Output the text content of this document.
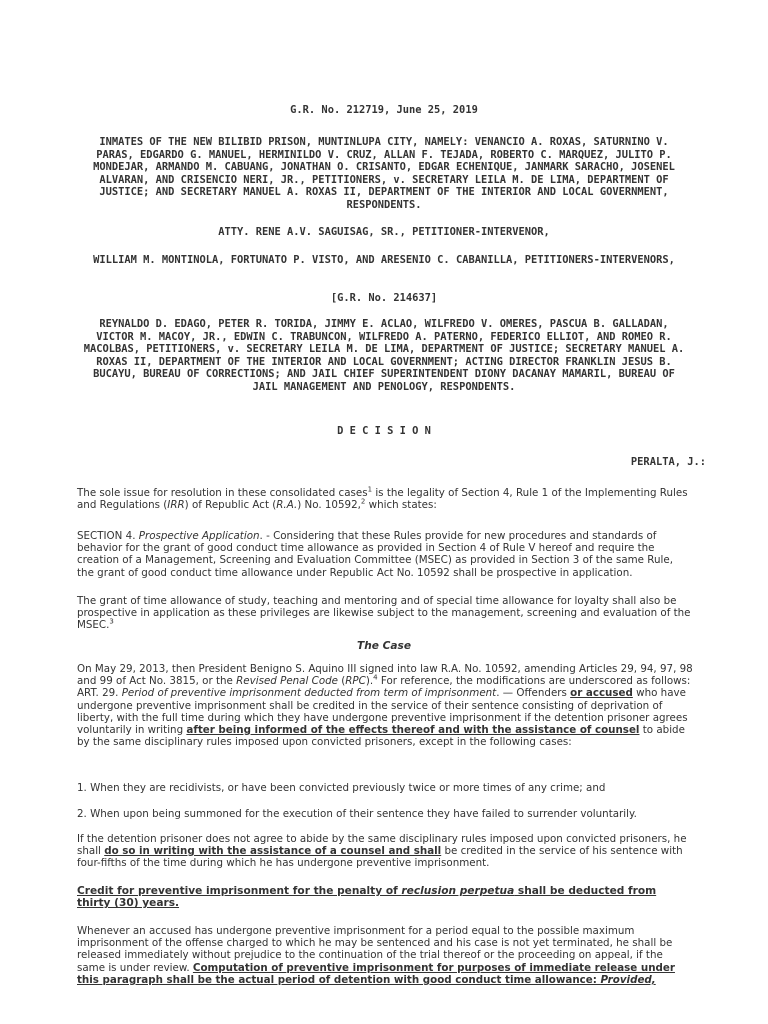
G.R. No. 212719, June 25, 2019
INMATES OF THE NEW BILIBID PRISON, MUNTINLUPA CITY, NAMELY: VENANCIO A. ROXAS, SATURNINO V. PARAS, EDGARDO G. MANUEL, HERMINILDO V. CRUZ, ALLAN F. TEJADA, ROBERTO C. MARQUEZ, JULITO P. MONDEJAR, ARMANDO M. CABUANG, JONATHAN O. CRISANTO, EDGAR ECHENIQUE, JANMARK SARACHO, JOSENEL ALVARAN, AND CRISENCIO NERI, JR., PETITIONERS, v. SECRETARY LEILA M. DE LIMA, DEPARTMENT OF JUSTICE; AND SECRETARY MANUEL A. ROXAS II, DEPARTMENT OF THE INTERIOR AND LOCAL GOVERNMENT, RESPONDENTS.
ATTY. RENE A.V. SAGUISAG, SR., PETITIONER-INTERVENOR,
WILLIAM M. MONTINOLA, FORTUNATO P. VISTO, AND ARESENIO C. CABANILLA, PETITIONERS-INTERVENORS,
[G.R. No. 214637]
REYNALDO D. EDAGO, PETER R. TORIDA, JIMMY E. ACLAO, WILFREDO V. OMERES, PASCUA B. GALLADAN, VICTOR M. MACOY, JR., EDWIN C. TRABUNCON, WILFREDO A. PATERNO, FEDERICO ELLIOT, AND ROMEO R. MACOLBAS, PETITIONERS, v. SECRETARY LEILA M. DE LIMA, DEPARTMENT OF JUSTICE; SECRETARY MANUEL A. ROXAS II, DEPARTMENT OF THE INTERIOR AND LOCAL GOVERNMENT; ACTING DIRECTOR FRANKLIN JESUS B. BUCAYU, BUREAU OF CORRECTIONS; AND JAIL CHIEF SUPERINTENDENT DIONY DACANAY MAMARIL, BUREAU OF JAIL MANAGEMENT AND PENOLOGY, RESPONDENTS.
D E C I S I O N
PERALTA, J.:
The sole issue for resolution in these consolidated cases$^1$ is the legality of Section 4, Rule 1 of the Implementing Rules and Regulations (IRR) of Republic Act (R.A.) No. 10592,$^2$ which states:
SECTION 4. Prospective Application. - Considering that these Rules provide for new procedures and standards of behavior for the grant of good conduct time allowance as provided in Section 4 of Rule V hereof and require the creation of a Management, Screening and Evaluation Committee (MSEC) as provided in Section 3 of the same Rule, the grant of good conduct time allowance under Republic Act No. 10592 shall be prospective in application.
The grant of time allowance of study, teaching and mentoring and of special time allowance for loyalty shall also be prospective in application as these privileges are likewise subject to the management, screening and evaluation of the MSEC.$^3$
The Case
On May 29, 2013, then President Benigno S. Aquino III signed into law R.A. No. 10592, amending Articles 29, 94, 97, 98 and 99 of Act No. 3815, or the Revised Penal Code (RPC).$^4$ For reference, the modifications are underscored as follows:
ART. 29. Period of preventive imprisonment deducted from term of imprisonment. — Offenders or accused who have undergone preventive imprisonment shall be credited in the service of their sentence consisting of deprivation of liberty, with the full time during which they have undergone preventive imprisonment if the detention prisoner agrees voluntarily in writing after being informed of the effects thereof and with the assistance of counsel to abide by the same disciplinary rules imposed upon convicted prisoners, except in the following cases:
1. When they are recidivists, or have been convicted previously twice or more times of any crime; and
2. When upon being summoned for the execution of their sentence they have failed to surrender voluntarily.
If the detention prisoner does not agree to abide by the same disciplinary rules imposed upon convicted prisoners, he shall do so in writing with the assistance of a counsel and shall be credited in the service of his sentence with four-fifths of the time during which he has undergone preventive imprisonment.
Credit for preventive imprisonment for the penalty of reclusion perpetua shall be deducted from thirty (30) years.
Whenever an accused has undergone preventive imprisonment for a period equal to the possible maximum imprisonment of the offense charged to which he may be sentenced and his case is not yet terminated, he shall be released immediately without prejudice to the continuation of the trial thereof or the proceeding on appeal, if the same is under review. Computation of preventive imprisonment for purposes of immediate release under this paragraph shall be the actual period of detention with good conduct time allowance: Provided,
